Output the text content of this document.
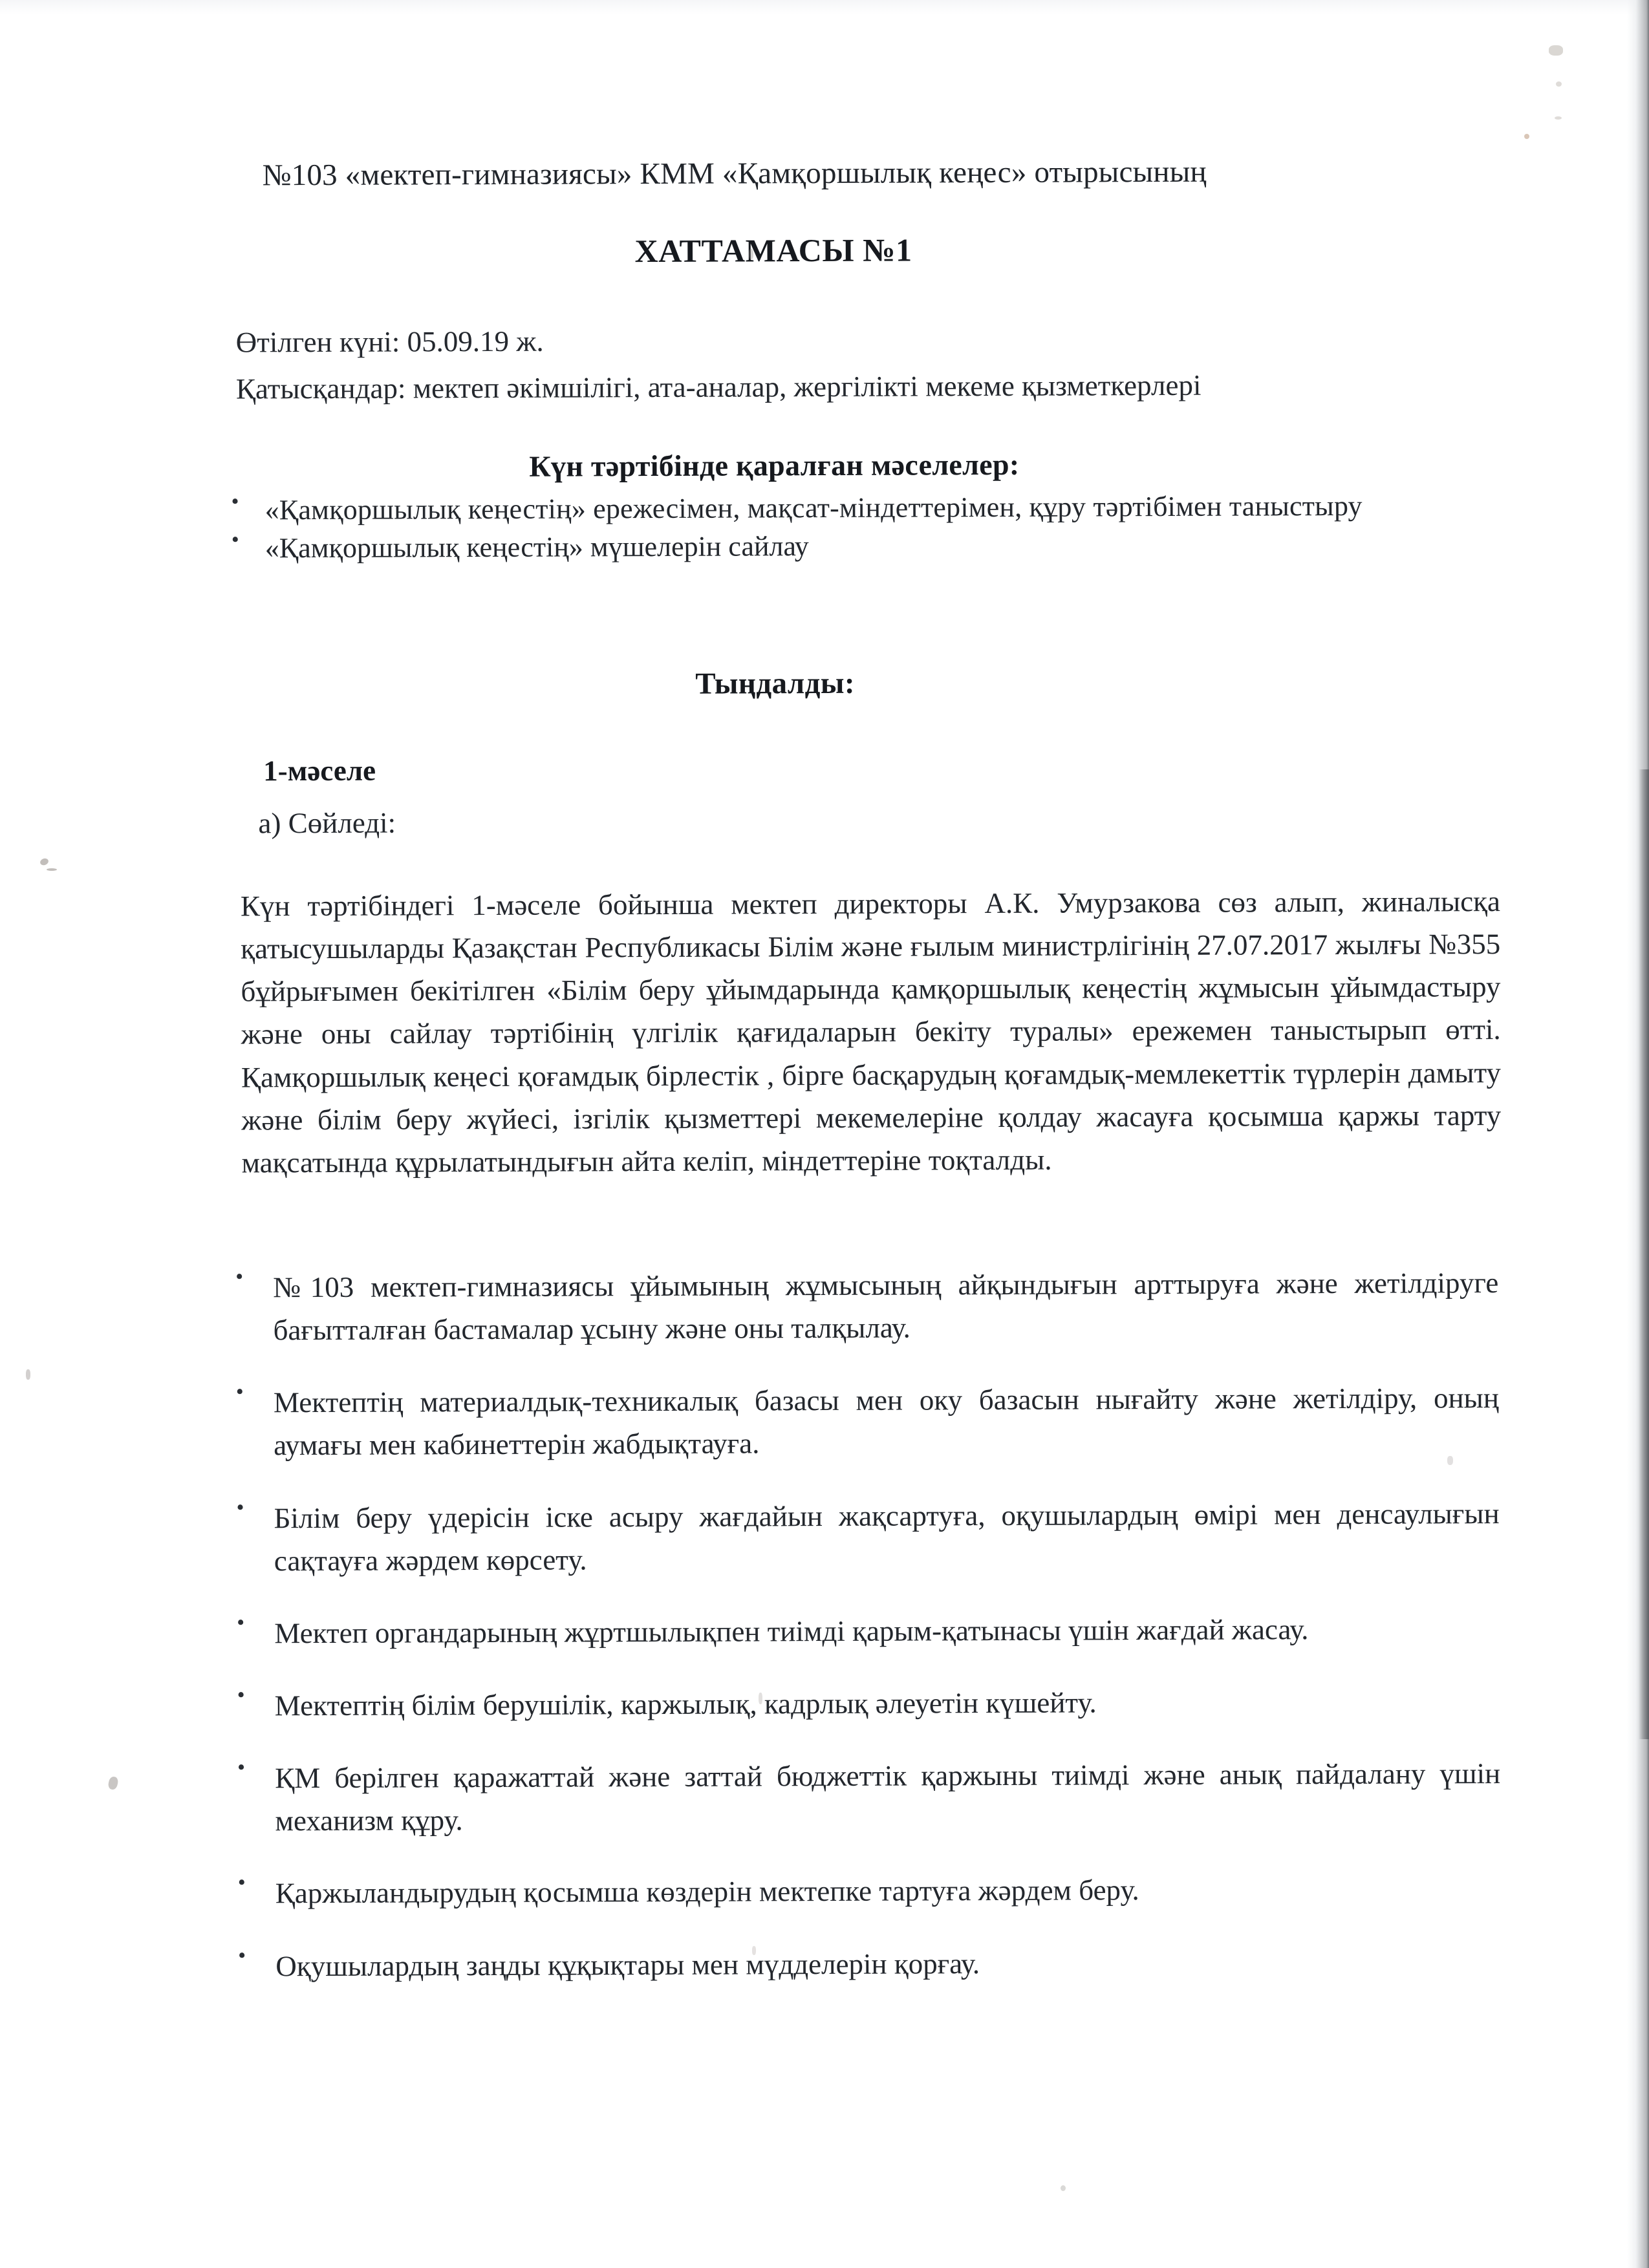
№103 «мектеп-гимназиясы» КММ «Қамқоршылық кеңес» отырысының
ХАТТАМАСЫ №1
Өтілген күні: 05.09.19 ж.
Қатысқандар: мектеп әкімшілігі, ата-аналар, жергілікті мекеме қызметкерлері
Күн тәртібінде қаралған мәселелер:
• «Қамқоршылық кеңестің» ережесімен, мақсат-міндеттерімен, құру тәртібімен таныстыру
• «Қамқоршылық кеңестің» мүшелерін сайлау
Тыңдалды:
1-мәселе
а) Сөйледі:

Күн тәртібіндегі 1-мәселе бойынша мектеп директоры А.К. Умурзакова сөз алып, жиналысқа қатысушыларды Қазақстан Республикасы Білім және ғылым министрлігінің 27.07.2017 жылғы №355 бұйрығымен бекітілген «Білім беру ұйымдарында қамқоршылық кеңестің жұмысын ұйымдастыру және оны сайлау тәртібінің үлгілік қағидаларын бекіту туралы» ережемен таныстырып өтті. Қамқоршылық кеңесі қоғамдық бірлестік , бірге басқарудың қоғамдық-мемлекеттік түрлерін дамыту және білім беру жүйесі, ізгілік қызметтері мекемелеріне қолдау жасауға қосымша қаржы тарту мақсатында құрылатындығын айта келіп, міндеттеріне тоқталды.

• №103 мектеп-гимназиясы ұйымының жұмысының айқындығын арттыруға және жетілдіруге бағытталған бастамалар ұсыну және оны талқылау.
• Мектептің материалдық-техникалық базасы мен оку базасын нығайту және жетілдіру, оның аумағы мен кабинеттерін жабдықтауға.
• Білім беру үдерісін іске асыру жағдайын жақсартуға, оқушылардың өмірі мен денсаулығын сақтауға жәрдем көрсету.
• Мектеп органдарының жұртшылықпен тиімді қарым-қатынасы үшін жағдай жасау.
• Мектептің білім берушілік, каржылық, кадрлық әлеуетін күшейту.
• ҚМ берілген қаражаттай және заттай бюджеттік қаржыны тиімді және анық пайдалану үшін механизм құру.
• Қаржыландырудың қосымша көздерін мектепке тартуға жәрдем беру.
• Оқушылардың заңды құқықтары мен мүдделерін қорғау.
